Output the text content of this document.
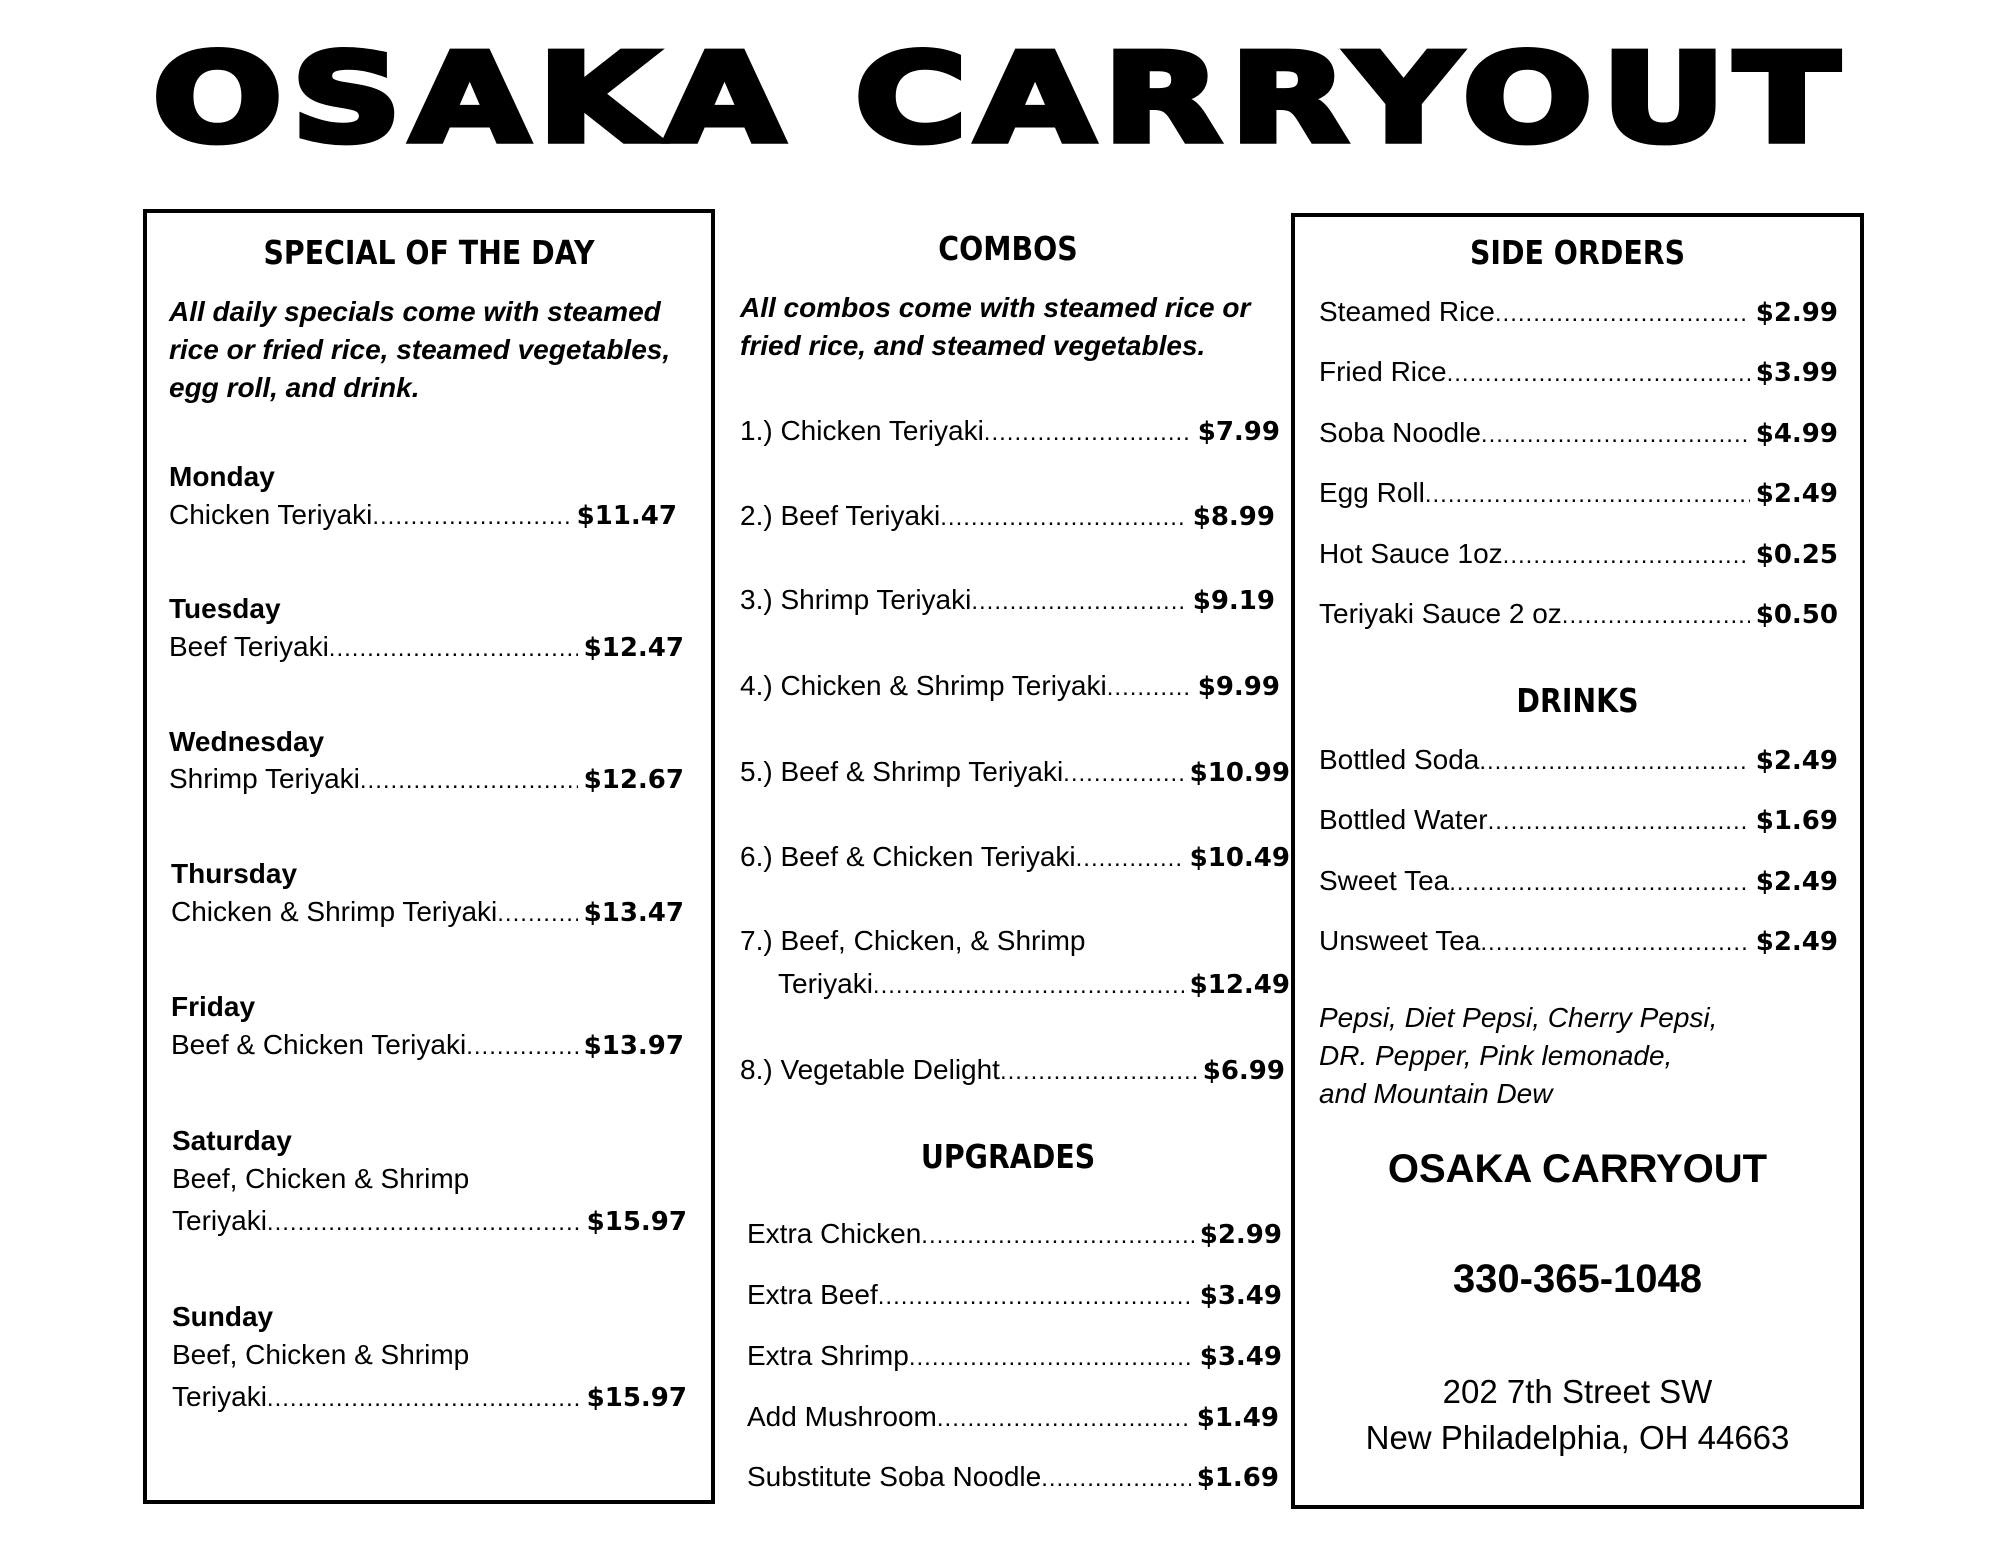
OSAKA CARRYOUT
SPECIAL OF THE DAY
All daily specials come with steamed rice or fried rice, steamed vegetables, egg roll, and drink.
Monday
Chicken Teriyaki .....	$11.47
Tuesday
Beef Teriyaki .....	$12.47
Wednesday
Shrimp Teriyaki .....	$12.67
Thursday
Chicken & Shrimp Teriyaki .....	$13.47
Friday
Beef & Chicken Teriyaki .....	$13.97
Saturday
Beef, Chicken & Shrimp
Teriyaki .....	$15.97
Sunday
Beef, Chicken & Shrimp
Teriyaki .....	$15.97
COMBOS
All combos come with steamed rice or fried rice, and steamed vegetables.
1.) Chicken Teriyaki .....	$7.99
2.) Beef Teriyaki .....	$8.99
3.) Shrimp Teriyaki .....	$9.19
4.) Chicken & Shrimp Teriyaki .....	$9.99
5.) Beef & Shrimp Teriyaki .....	$10.99
6.) Beef & Chicken Teriyaki .....	$10.49
7.) Beef, Chicken, & Shrimp
Teriyaki .....	$12.49
8.) Vegetable Delight .....	$6.99
UPGRADES
Extra Chicken .....	$2.99
Extra Beef .....	$3.49
Extra Shrimp .....	$3.49
Add Mushroom .....	$1.49
Substitute Soba Noodle .....	$1.69
SIDE ORDERS
Steamed Rice .....	$2.99
Fried Rice .....	$3.99
Soba Noodle .....	$4.99
Egg Roll .....	$2.49
Hot Sauce 1oz .....	$0.25
Teriyaki Sauce 2 oz .....	$0.50
DRINKS
Bottled Soda .....	$2.49
Bottled Water .....	$1.69
Sweet Tea .....	$2.49
Unsweet Tea .....	$2.49
Pepsi, Diet Pepsi, Cherry Pepsi,
DR. Pepper, Pink lemonade,
and Mountain Dew
OSAKA CARRYOUT
330-365-1048
202 7th Street SW
New Philadelphia, OH 44663
